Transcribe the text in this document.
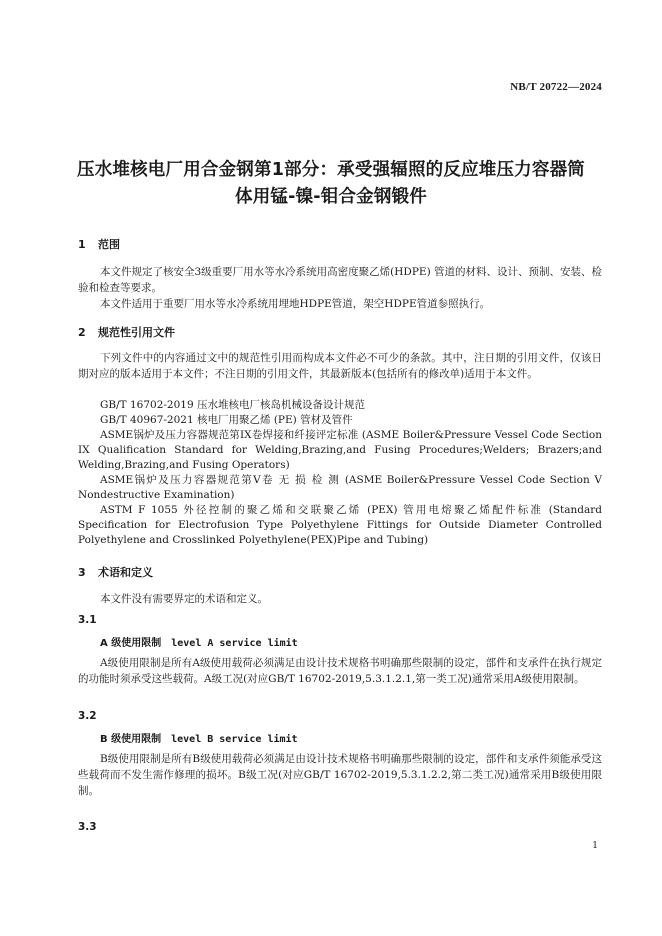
NB/T 20722—2024
压水堆核电厂用合金钢第1部分：承受强辐照的反应堆压力容器筒
体用锰-镍-钼合金钢锻件
1 范围
本文件规定了核安全3级重要厂用水等水冷系统用高密度聚乙烯(HDPE) 管道的材料、设计、预制、安装、检验和检查等要求。
本文件适用于重要厂用水等水冷系统用埋地HDPE管道，架空HDPE管道参照执行。
2 规范性引用文件
下列文件中的内容通过文中的规范性引用而构成本文件必不可少的条款。其中，注日期的引用文件，仅该日期对应的版本适用于本文件；不注日期的引用文件，其最新版本(包括所有的修改单)适用于本文件。
GB/T 16702-2019 压水堆核电厂核岛机械设备设计规范
GB/T 40967-2021 核电厂用聚乙烯 (PE) 管材及管件
ASME锅炉及压力容器规范第IX卷焊接和纤接评定标准 (ASME Boiler&Pressure Vessel Code Section IX Qualification Standard for Welding,Brazing,and Fusing Procedures;Welders; Brazers;and Welding,Brazing,and Fusing Operators)
ASME锅炉及压力容器规范第V卷 无 损 检 测 (ASME Boiler&Pressure Vessel Code Section V Nondestructive Examination)
ASTM F 1055 外径控制的聚乙烯和交联聚乙烯 (PEX) 管用电熔聚乙烯配件标准 (Standard Specification for Electrofusion Type Polyethylene Fittings for Outside Diameter Controlled Polyethylene and Crosslinked Polyethylene(PEX)Pipe and Tubing)
3 术语和定义
本文件没有需要界定的术语和定义。
3.1
A 级使用限制 level A service limit
A级使用限制是所有A级使用载荷必须满足由设计技术规格书明确那些限制的设定，部件和支承件在执行规定的功能时须承受这些载荷。A级工况(对应GB/T 16702-2019,5.3.1.2.1,第一类工况)通常采用A级使用限制。
3.2
B 级使用限制 level B service limit
B级使用限制是所有B级使用载荷必须满足由设计技术规格书明确那些限制的设定，部件和支承件须能承受这些载荷而不发生需作修理的损坏。B级工况(对应GB/T 16702-2019,5.3.1.2.2,第二类工况)通常采用B级使用限制。
3.3
1
